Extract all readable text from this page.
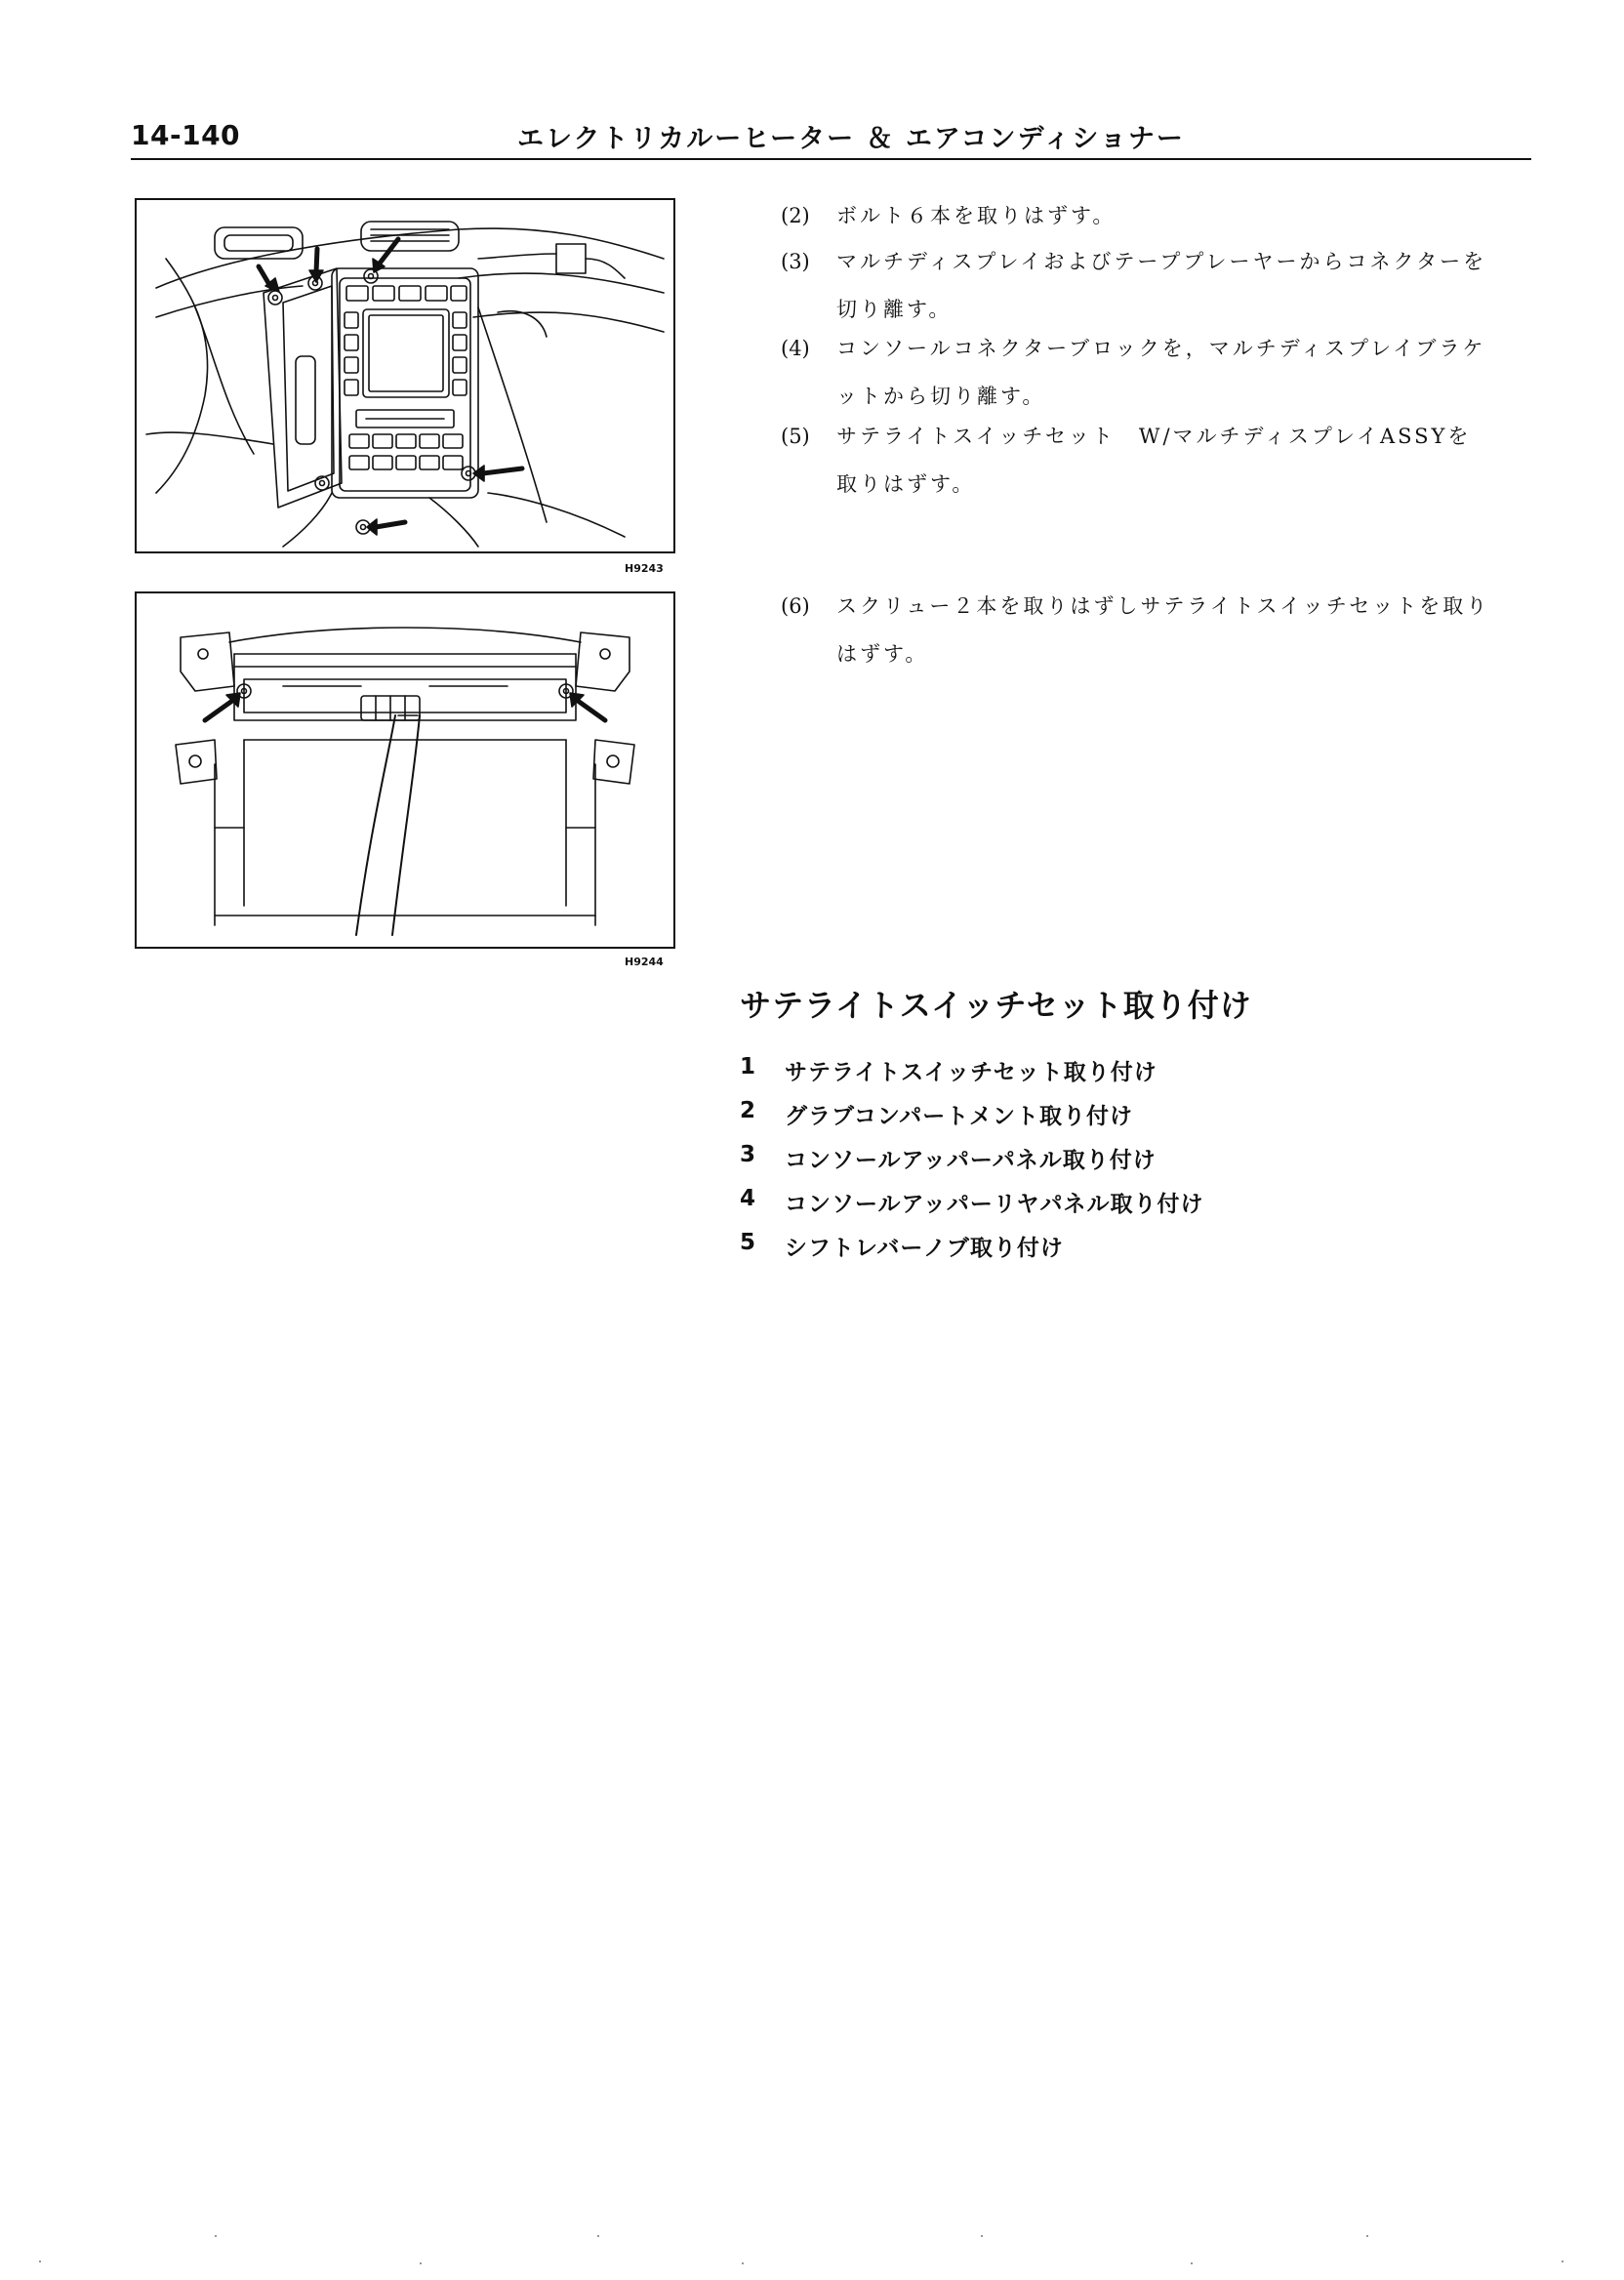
14-140	エレクトリカルーヒーター ＆ エアコンディショナー
H9243
H9244
(2) ボルト６本を取りはずす。
(3) マルチディスプレイおよびテーププレーヤーからコネクターを
切り離す。
(4) コンソールコネクターブロックを，マルチディスプレイブラケ
ットから切り離す。
(5) サテライトスイッチセット　W/マルチディスプレイASSYを
取りはずす。
(6) スクリュー２本を取りはずしサテライトスイッチセットを取り
はずす。
サテライトスイッチセット取り付け
1 サテライトスイッチセット取り付け
2 グラブコンパートメント取り付け
3 コンソールアッパーパネル取り付け
4 コンソールアッパーリヤパネル取り付け
5 シフトレバーノブ取り付け
